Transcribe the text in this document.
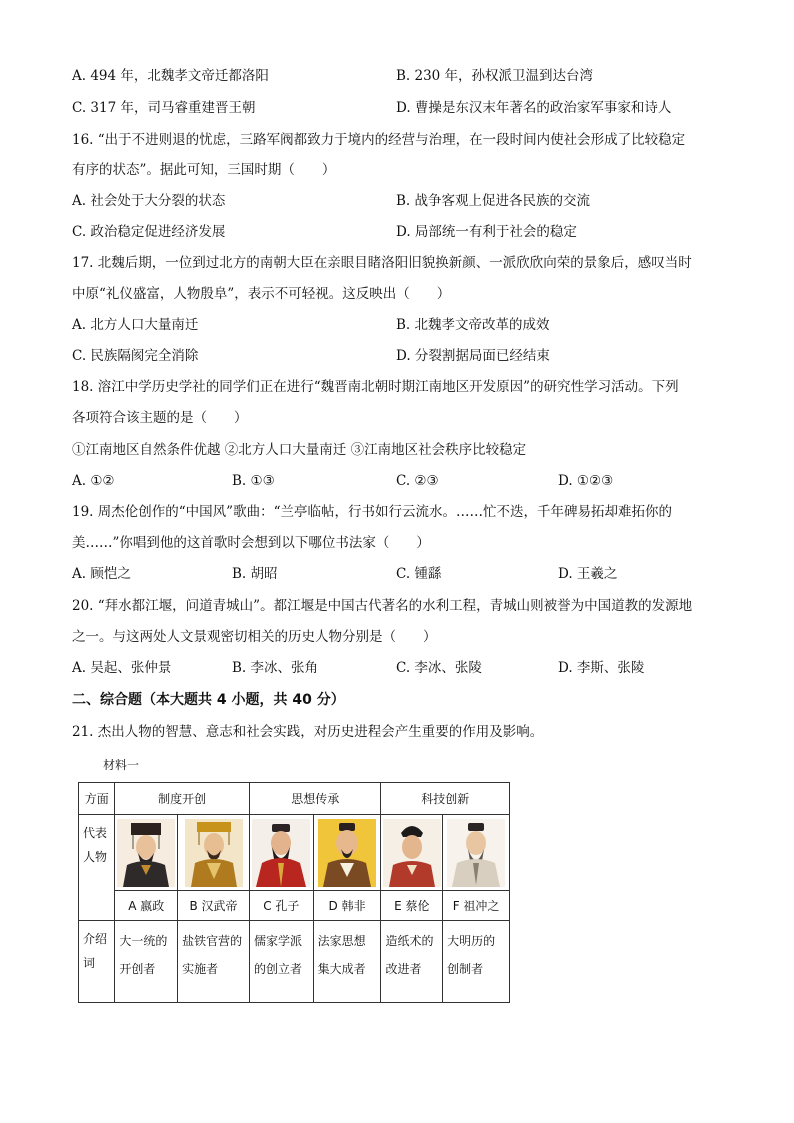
A. 494 年，北魏孝文帝迁都洛阳	B. 230 年，孙权派卫温到达台湾
C. 317 年，司马睿重建晋王朝	D. 曹操是东汉末年著名的政治家军事家和诗人
16. “出于不进则退的忧虑，三路军阀都致力于境内的经营与治理，在一段时间内使社会形成了比较稳定
有序的状态”。据此可知，三国时期（　　）
A. 社会处于大分裂的状态	B. 战争客观上促进各民族的交流
C. 政治稳定促进经济发展	D. 局部统一有利于社会的稳定
17. 北魏后期，一位到过北方的南朝大臣在亲眼目睹洛阳旧貌换新颜、一派欣欣向荣的景象后，感叹当时
中原“礼仪盛富，人物殷阜”，表示不可轻视。这反映出（　　）
A. 北方人口大量南迁	B. 北魏孝文帝改革的成效
C. 民族隔阂完全消除	D. 分裂割据局面已经结束
18. 溶江中学历史学社的同学们正在进行“魏晋南北朝时期江南地区开发原因”的研究性学习活动。下列
各项符合该主题的是（　　）
①江南地区自然条件优越 ②北方人口大量南迁 ③江南地区社会秩序比较稳定
A. ①②	B. ①③	C. ②③	D. ①②③
19. 周杰伦创作的“中国风”歌曲：“兰亭临帖，行书如行云流水。……忙不迭，千年碑易拓却难拓你的
美……”你唱到他的这首歌时会想到以下哪位书法家（　　）
A. 顾恺之	B. 胡昭	C. 锺繇	D. 王羲之
20. “拜水都江堰，问道青城山”。都江堰是中国古代著名的水利工程，青城山则被誉为中国道教的发源地
之一。与这两处人文景观密切相关的历史人物分别是（　　）
A. 吴起、张仲景	B. 李冰、张角	C. 李冰、张陵	D. 李斯、张陵
二、综合题（本大题共 4 小题，共 40 分）
21. 杰出人物的智慧、意志和社会实践，对历史进程会产生重要的作用及影响。
材料一
方面	制度开创		思想传承		科技创新	
代表人物	

	A 嬴政	B 汉武帝	C 孔子	D 韩非	E 蔡伦	F 祖冲之
介绍词	大一统的开创者	盐铁官营的实施者	儒家学派的创立者	法家思想集大成者	造纸术的 改进者	大明历的创制者
